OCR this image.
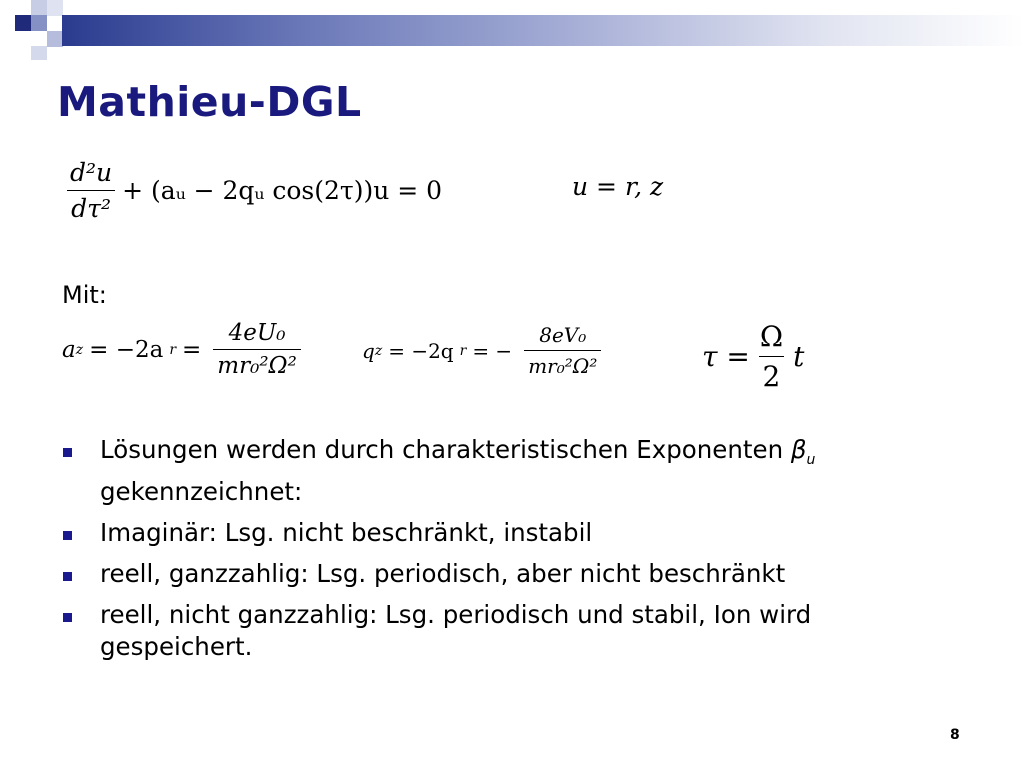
Mathieu-DGL
$\frac{\text{d²u}}{\text{dτ²}}$ + (aᵤ − 2qᵤ cos(2τ))u = 0	u = r, z
Mit:
a z = −2a $r = \frac{\text{4eU₀}}{\text{mr₀²Ω²}}$	q z = −2q r = − $\frac{\text{8eV₀}}{\text{mr₀²Ω²}}$	$\tau = \frac{\Omega}{2}$ t
Lösungen werden durch charakteristischen Exponenten $\beta_u$ gekennzeichnet:
Imaginär: Lsg. nicht beschränkt, instabil
reell, ganzzahlig: Lsg. periodisch, aber nicht beschränkt
reell, nicht ganzzahlig: Lsg. periodisch und stabil, Ion wird gespeichert.
8
